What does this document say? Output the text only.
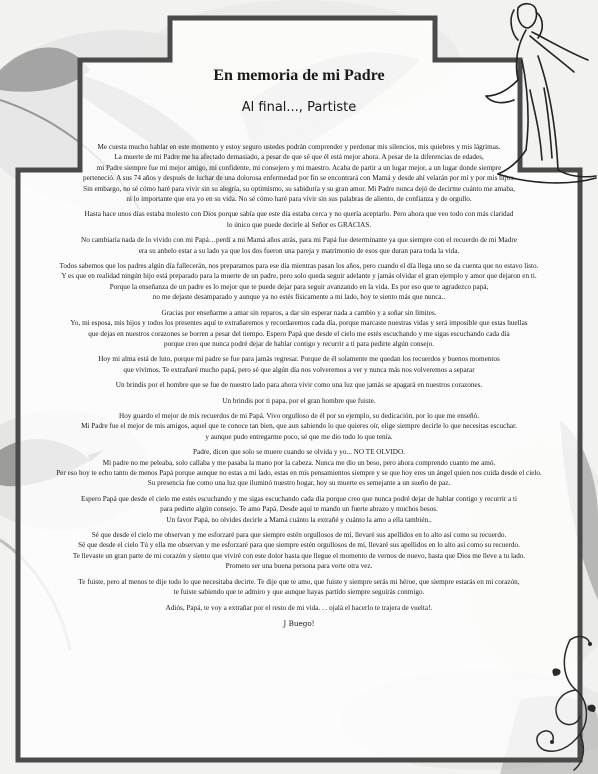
En memoria de mi Padre
Al final..., Partiste

Me cuesta mucho hablar en este momento y estoy seguro ustedes podrán comprender y perdonar mis silencios, mis quiebres y mis lágrimas.
La muerte de mi Padre me ha afectado demasiado, a pesar de que sé que él está mejor ahora. A pesar de la diferencias de edades,
mi Padre siempre fue mi mejor amigo, mi confidente, mi consejero y mi maestro. Acaba de partir a un lugar mejor, a un lugar donde siempre
perteneció. A sus 74 años y después de luchar de una dolorosa enfermedad por fin se encontrará con Mamá y desde ahí velarán por mí y por mis hijos.
Sin embargo, no sé cómo haré para vivir sin su alegría, su optimismo, su sabiduría y su gran amor. Mi Padre nunca dejó de decirme cuánto me amaba,
ni lo importante que era yo en su vida. No sé cómo haré para vivir sin sus palabras de aliento, de confianza y de orgullo.

Hasta hace unos días estaba molesto con Dios porque sabía que este día estaba cerca y no quería aceptarlo. Pero ahora que veo todo con más claridad
lo único que puede decirle al Señor es GRACIAS.

No cambiaría nada de lo vivido con mi Papá…perdí a mi Mamá años atrás, para mi Papá fue determinante ya que siempre con el recuerdo de mi Madre
era su anhelo estar a su lado ya que los dos fueron una pareja y matrimonio de esos que duran para toda la vida.

Todos sabemos que los padres algún día fallecerán, nos preparamos para ese día mientras pasan los años, pero cuando el día llega uno se da cuenta que no estavo listo.
Y es que en realidad ningún hijo está preparado para la muerte de un padre, pero solo queda seguir adelante y jamás olvidar el gran ejemplo y amor que dejaron en ti.
Porque la enseñanza de un padre es lo mejor que te puede dejar para seguir avanzando en la vida. Es por eso que te agradezco papá,
no me dejaste desamparado y aunque ya no estés físicamente a mi lado, hoy te siento más que nunca..

Gracias por enseñarme a amar sin reparos, a dar sin esperar nada a cambio y a soñar sin límites.
Yo, mi esposa, mis hijos y todos los presentes aquí te extrañaremos y recordaremos cada día, porque marcaste nuestras vidas y será imposible que estas huellas
que dejas en nuestros corazones se borren a pesar del tiempo. Espero Papá que desde el cielo me estés escuchando y me sigas escuchando cada día
porque creo que nunca podré dejar de hablar contigo y recurrir a ti para pedirte algún consejo.

Hoy mi alma está de luto, porque mi padre se fue para jamás regresar. Porque de él solamente me quedan los recuerdos y buenos momentos
que vivimos. Te extrañaré mucho papá, pero sé que algún día nos volveremos a ver y nunca más nos volveremos a separar

Un brindis por el hombre que se fue de nuestro lado para ahora vivir como una luz que jamás se apagará en nuestros corazones.

Un brindis por ti papa, por el gran hombre que fuiste.

Hoy guardo el mejor de mis recuerdos de mi Papá. Vivo orgulloso de él por su ejemplo, su dedicación, por lo que me enseñó.
Mi Padre fue el mejor de mis amigos, aquel que te conoce tan bien, que aun sabiendo lo que quieres oír, elige siempre decirle lo que necesitas escuchar.
y aunque pudo entregarme poco, sé que me dio todo lo que tenía.

Padre, dicen que solo se muere cuando se olvida y yo... NO TE OLVIDO.
Mi padre no me peleaba, solo callaba y me pasaba la mano por la cabeza. Nunca me dio un beso, pero ahora comprendo cuanto me amó.
Per eso hoy te echo tanto de menos Papá porque aunque no estas a mi lado, estas en mis pensamientos siempre y se que hoy eres un ángel quien nos cuida desde el cielo.
Su presencia fue como una luz que iluminó nuestro hogar, hoy su muerte es semejante a un sueño de paz.

Espero Papá que desde el cielo me estés escuchando y me sigas escuchando cada día porque creo que nunca podré dejar de hablar contigo y recurrir a ti
para pedirte algún consejo. Te amo Papá. Desde aquí te mando un fuerte abrazo y muchos besos.
Un favor Papá, no olvides decirle a Mamá cuánto la extrañé y cuánto la amo a ella también..

Sé que desde el cielo me observan y me esforzaré para que siempre estén orgullosos de mí, llevaré sus apellidos en lo alto así como su recuerdo.
Sé que desde el cielo Tú y ella me observan y me esforzaré para que siempre estén orgullosos de mí, llevaré sus apellidos en lo alto así como su recuerdo.
Te llevaste un gran parte de mi corazón y siento que viviré con este dolor hasta que llegue el momento de vernos de nuevo, hasta que Dios me lleve a tu lado.
Prometo ser una buena persona para verte otra vez.

Te fuiste, pero al menos te dije todo lo que necesitaba decirte. Te dije que te amo, que fuiste y siempre serás mi héroe, que siempre estarás en mi corazón,
te fuiste sabiendo que te admiro y que aunque hayas partido siempre seguirás conmigo.

Adiós, Papá, te voy a extrañar por el resto de mi vida. . . ojalá el hacerlo te trajera de vuelta!.

J Buego!
